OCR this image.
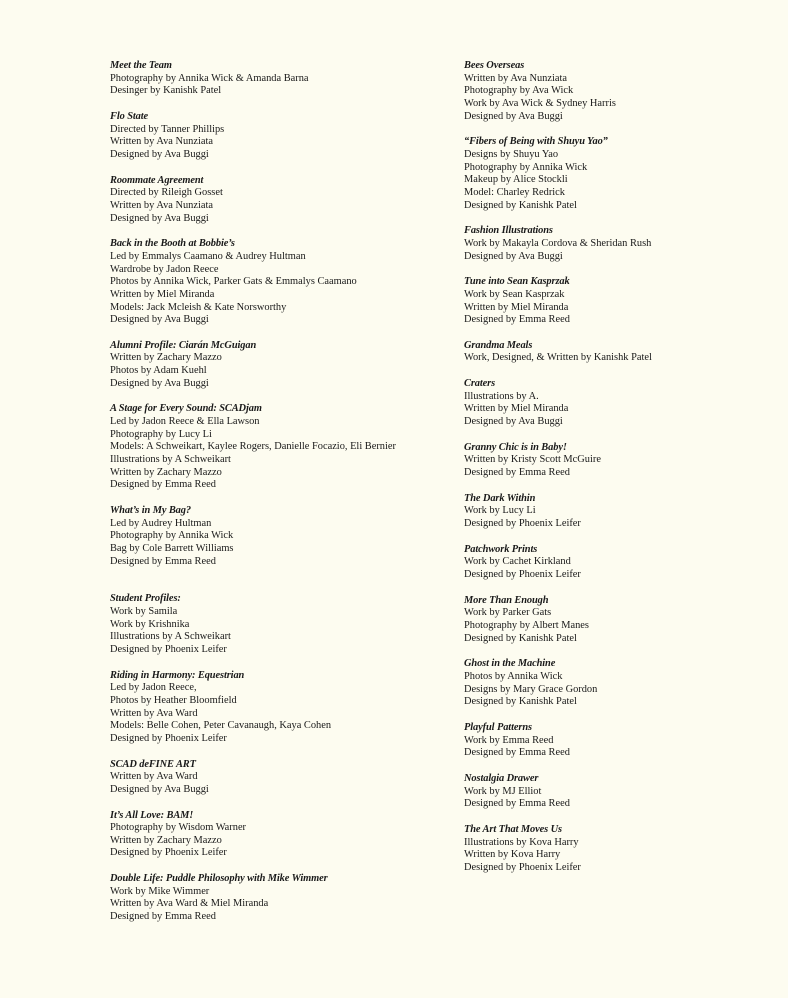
Meet the Team
Photography by Annika Wick & Amanda Barna
Desinger by Kanishk Patel
Flo State
Directed by Tanner Phillips
Written by Ava Nunziata
Designed by Ava Buggi
Roommate Agreement
Directed by Rileigh Gosset
Written by Ava Nunziata
Designed by Ava Buggi
Back in the Booth at Bobbie’s
Led by Emmalys Caamano & Audrey Hultman
Wardrobe by Jadon Reece
Photos by Annika Wick, Parker Gats & Emmalys Caamano
Written by Miel Miranda
Models: Jack Mcleish & Kate Norsworthy
Designed by Ava Buggi
Alumni Profile: Ciarán McGuigan
Written by Zachary Mazzo
Photos by Adam Kuehl
Designed by Ava Buggi
A Stage for Every Sound: SCADjam
Led by Jadon Reece & Ella Lawson
Photography by Lucy Li
Models: A Schweikart, Kaylee Rogers, Danielle Focazio, Eli Bernier
Illustrations by A Schweikart
Written by Zachary Mazzo
Designed by Emma Reed
What’s in My Bag?
Led by Audrey Hultman
Photography by Annika Wick
Bag by Cole Barrett Williams
Designed by Emma Reed
Student Profiles:
Work by Samila
Work by Krishnika
Illustrations by A Schweikart
Designed by Phoenix Leifer
Riding in Harmony: Equestrian
Led by Jadon Reece,
Photos by Heather Bloomfield
Written by Ava Ward
Models: Belle Cohen, Peter Cavanaugh, Kaya Cohen
Designed by Phoenix Leifer
SCAD deFINE ART
Written by Ava Ward
Designed by Ava Buggi
It’s All Love: BAM!
Photography by Wisdom Warner
Written by Zachary Mazzo
Designed by Phoenix Leifer
Double Life: Puddle Philosophy with Mike Wimmer
Work by Mike Wimmer
Written by Ava Ward & Miel Miranda
Designed by Emma Reed
Bees Overseas
Written by Ava Nunziata
Photography by Ava Wick
Work by Ava Wick & Sydney Harris
Designed by Ava Buggi
“Fibers of Being with Shuyu Yao”
Designs by Shuyu Yao
Photography by Annika Wick
Makeup by Alice Stockli
Model: Charley Redrick
Designed by Kanishk Patel
Fashion Illustrations
Work by Makayla Cordova & Sheridan Rush
Designed by Ava Buggi
Tune into Sean Kasprzak
Work by Sean Kasprzak
Written by Miel Miranda
Designed by Emma Reed
Grandma Meals
Work, Designed, & Written by Kanishk Patel
Craters
Illustrations by A.
Written by Miel Miranda
Designed by Ava Buggi
Granny Chic is in Baby!
Written by Kristy Scott McGuire
Designed by Emma Reed
The Dark Within
Work by Lucy Li
Designed by Phoenix Leifer
Patchwork Prints
Work by Cachet Kirkland
Designed by Phoenix Leifer
More Than Enough
Work by Parker Gats
Photography by Albert Manes
Designed by Kanishk Patel
Ghost in the Machine
Photos by Annika Wick
Designs by Mary Grace Gordon
Designed by Kanishk Patel
Playful Patterns
Work by Emma Reed
Designed by Emma Reed
Nostalgia Drawer
Work by MJ Elliot
Designed by Emma Reed
The Art That Moves Us
Illustrations by Kova Harry
Written by Kova Harry
Designed by Phoenix Leifer
